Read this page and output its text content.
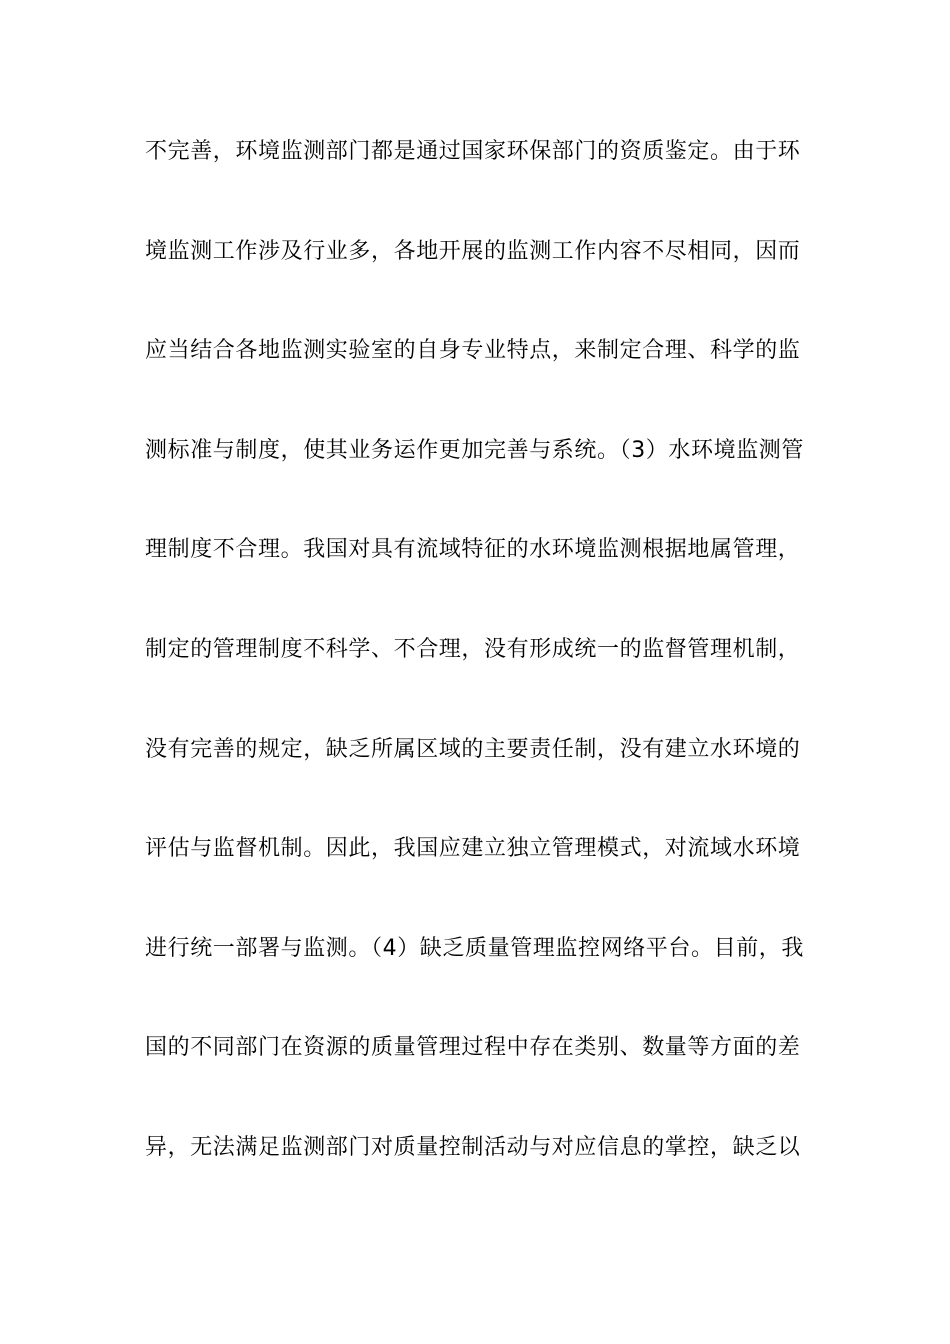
不完善，环境监测部门都是通过国家环保部门的资质鉴定。由于环
境监测工作涉及行业多，各地开展的监测工作内容不尽相同，因而
应当结合各地监测实验室的自身专业特点，来制定合理、科学的监
测标准与制度，使其业务运作更加完善与系统。（3）水环境监测管
理制度不合理。我国对具有流域特征的水环境监测根据地属管理，
制定的管理制度不科学、不合理，没有形成统一的监督管理机制，
没有完善的规定，缺乏所属区域的主要责任制，没有建立水环境的
评估与监督机制。因此，我国应建立独立管理模式，对流域水环境
进行统一部署与监测。（4）缺乏质量管理监控网络平台。目前，我
国的不同部门在资源的质量管理过程中存在类别、数量等方面的差
异，无法满足监测部门对质量控制活动与对应信息的掌控，缺乏以
